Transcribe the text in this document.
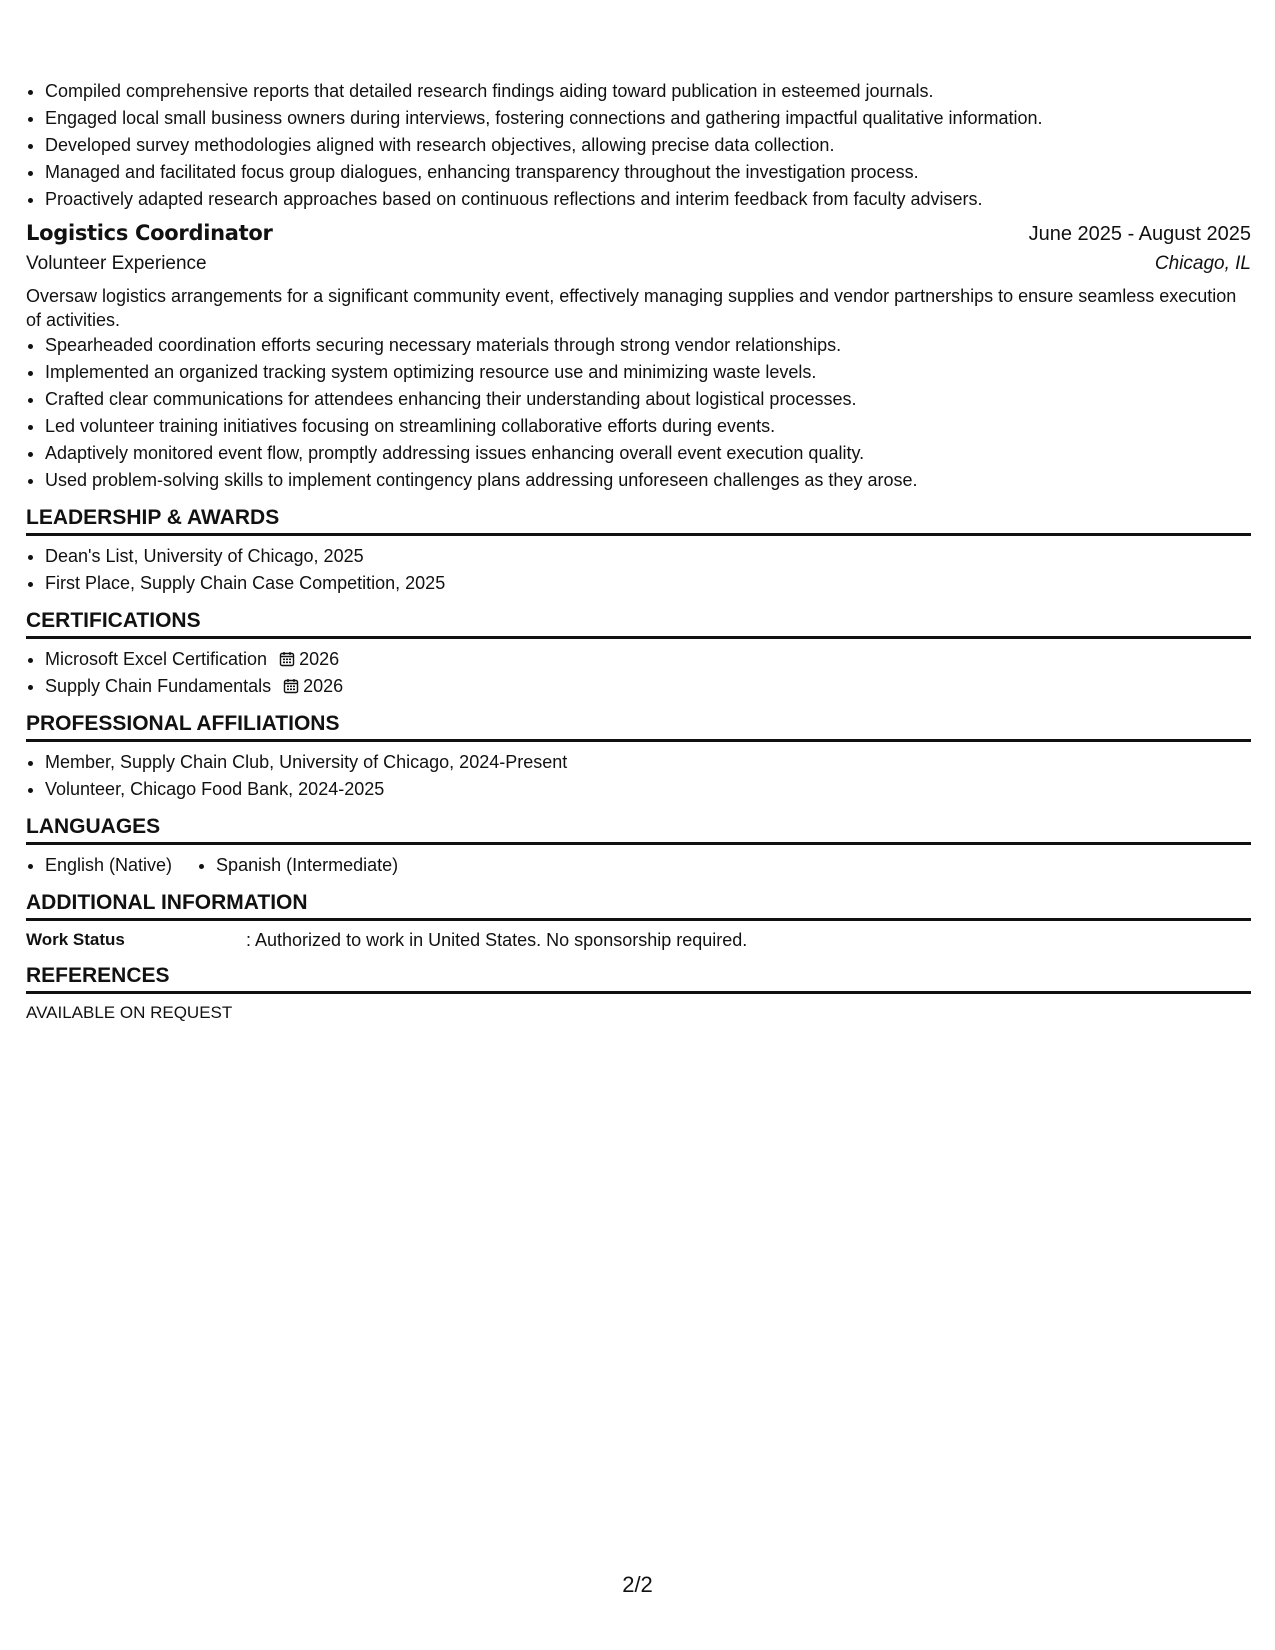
• Compiled comprehensive reports that detailed research findings aiding toward publication in esteemed journals.
• Engaged local small business owners during interviews, fostering connections and gathering impactful qualitative information.
• Developed survey methodologies aligned with research objectives, allowing precise data collection.
• Managed and facilitated focus group dialogues, enhancing transparency throughout the investigation process.
• Proactively adapted research approaches based on continuous reflections and interim feedback from faculty advisers.
Logistics Coordinator	June 2025 - August 2025
Volunteer Experience	Chicago, IL
Oversaw logistics arrangements for a significant community event, effectively managing supplies and vendor partnerships to ensure seamless execution of activities.
• Spearheaded coordination efforts securing necessary materials through strong vendor relationships.
• Implemented an organized tracking system optimizing resource use and minimizing waste levels.
• Crafted clear communications for attendees enhancing their understanding about logistical processes.
• Led volunteer training initiatives focusing on streamlining collaborative efforts during events.
• Adaptively monitored event flow, promptly addressing issues enhancing overall event execution quality.
• Used problem-solving skills to implement contingency plans addressing unforeseen challenges as they arose.
LEADERSHIP & AWARDS
• Dean's List, University of Chicago, 2025
• First Place, Supply Chain Case Competition, 2025
CERTIFICATIONS
• Microsoft Excel Certification 2026
• Supply Chain Fundamentals 2026
PROFESSIONAL AFFILIATIONS
• Member, Supply Chain Club, University of Chicago, 2024-Present
• Volunteer, Chicago Food Bank, 2024-2025
LANGUAGES
• English (Native)
• Spanish (Intermediate)
ADDITIONAL INFORMATION
Work Status	: Authorized to work in United States. No sponsorship required.
REFERENCES
AVAILABLE ON REQUEST
2/2
